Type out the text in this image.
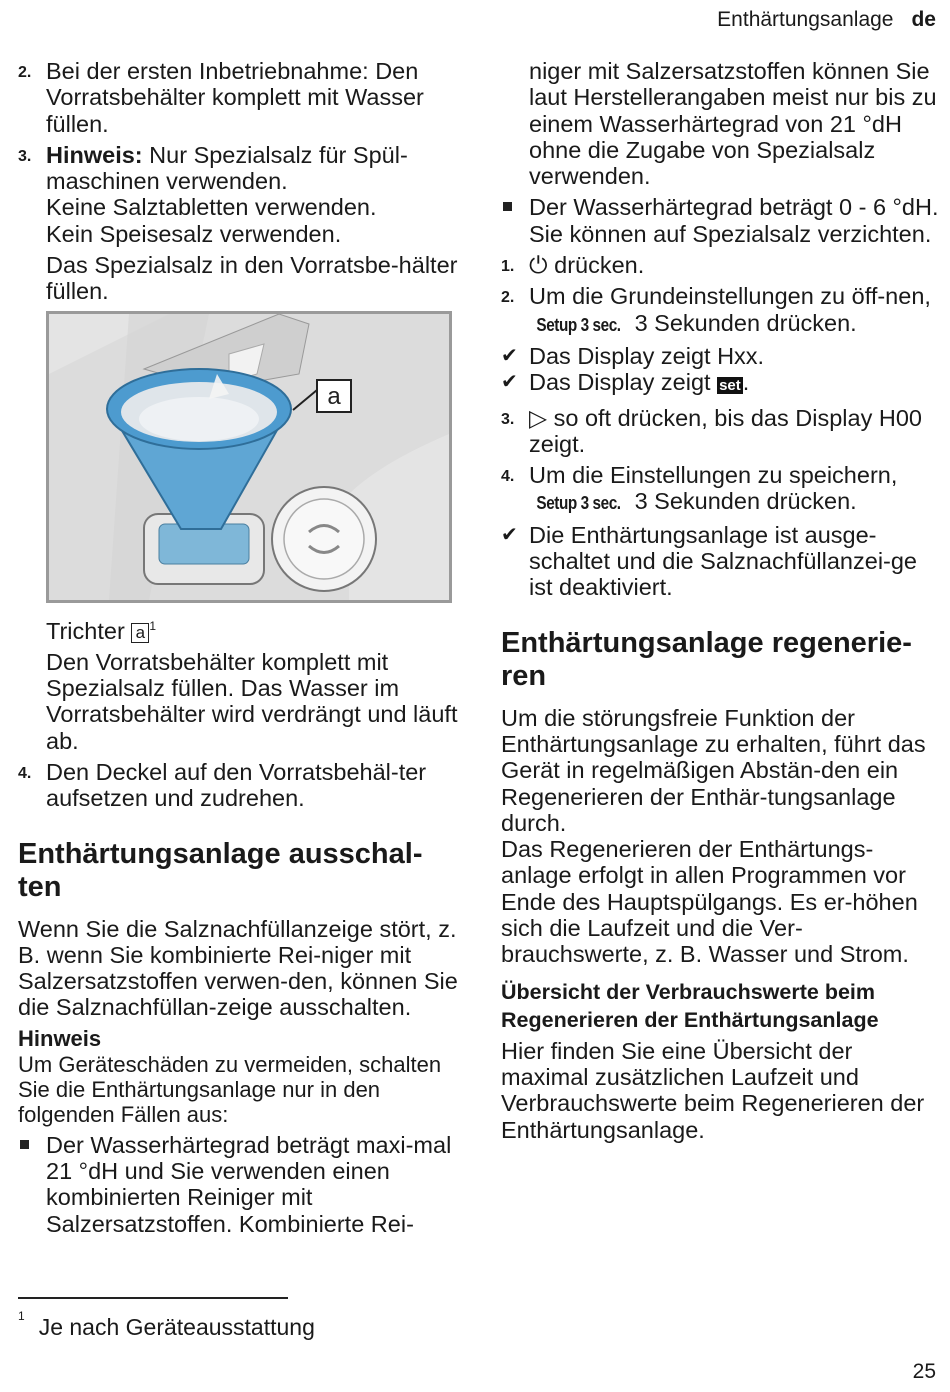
Enthärtungsanlage de
2. Bei der ersten Inbetriebnahme: Den Vorratsbehälter komplett mit Wasser füllen.
3. Hinweis: Nur Spezialsalz für Spül-maschinen verwenden.
Keine Salztabletten verwenden.
Kein Speisesalz verwenden.

Das Spezialsalz in den Vorratsbe-hälter füllen.

a

Trichter a $^1$

Den Vorratsbehälter komplett mit Spezialsalz füllen. Das Wasser im Vorratsbehälter wird verdrängt und läuft ab.

4. Den Deckel auf den Vorratsbehäl-ter aufsetzen und zudrehen.
Enthärtungsanlage ausschal-ten

Wenn Sie die Salznachfüllanzeige stört, z. B. wenn Sie kombinierte Rei-niger mit Salzersatzstoffen verwen-den, können Sie die Salznachfüllan-zeige ausschalten.

Hinweis

Um Geräteschäden zu vermeiden, schalten Sie die Enthärtungsanlage nur in den folgenden Fällen aus:

Der Wasserhärtegrad beträgt maxi-mal 21 °dH und Sie verwenden einen kombinierten Reiniger mit Salzersatzstoffen. Kombinierte Rei-

niger mit Salzersatzstoffen können Sie laut Herstellerangaben meist nur bis zu einem Wasserhärtegrad von 21 °dH ohne die Zugabe von Spezialsalz verwenden.

Der Wasserhärtegrad beträgt 0 - 6 °dH. Sie können auf Spezialsalz verzichten.
1. ⏻ drücken.
2. Um die Grundeinstellungen zu öff-nen, Setup 3 sec. 3 Sekunden drücken.
✔ Das Display zeigt Hxx.
✔ Das Display zeigt set.
3. ▷ so oft drücken, bis das Display H00 zeigt.
4. Um die Einstellungen zu speichern, Setup 3 sec. 3 Sekunden drücken.
✔ Die Enthärtungsanlage ist ausge-schaltet und die Salznachfüllanzei-ge ist deaktiviert.
Enthärtungsanlage regenerie-ren

Um die störungsfreie Funktion der Enthärtungsanlage zu erhalten, führt das Gerät in regelmäßigen Abstän-den ein Regenerieren der Enthär-tungsanlage durch.

Das Regenerieren der Enthärtungs-anlage erfolgt in allen Programmen vor Ende des Hauptspülgangs. Es er-höhen sich die Laufzeit und die Ver-brauchswerte, z. B. Wasser und Strom.

Übersicht der Verbrauchswerte beim Regenerieren der Enthärtungsanlage

Hier finden Sie eine Übersicht der maximal zusätzlichen Laufzeit und Verbrauchswerte beim Regenerieren der Enthärtungsanlage.

$^1$ Je nach Geräteausstattung
25
